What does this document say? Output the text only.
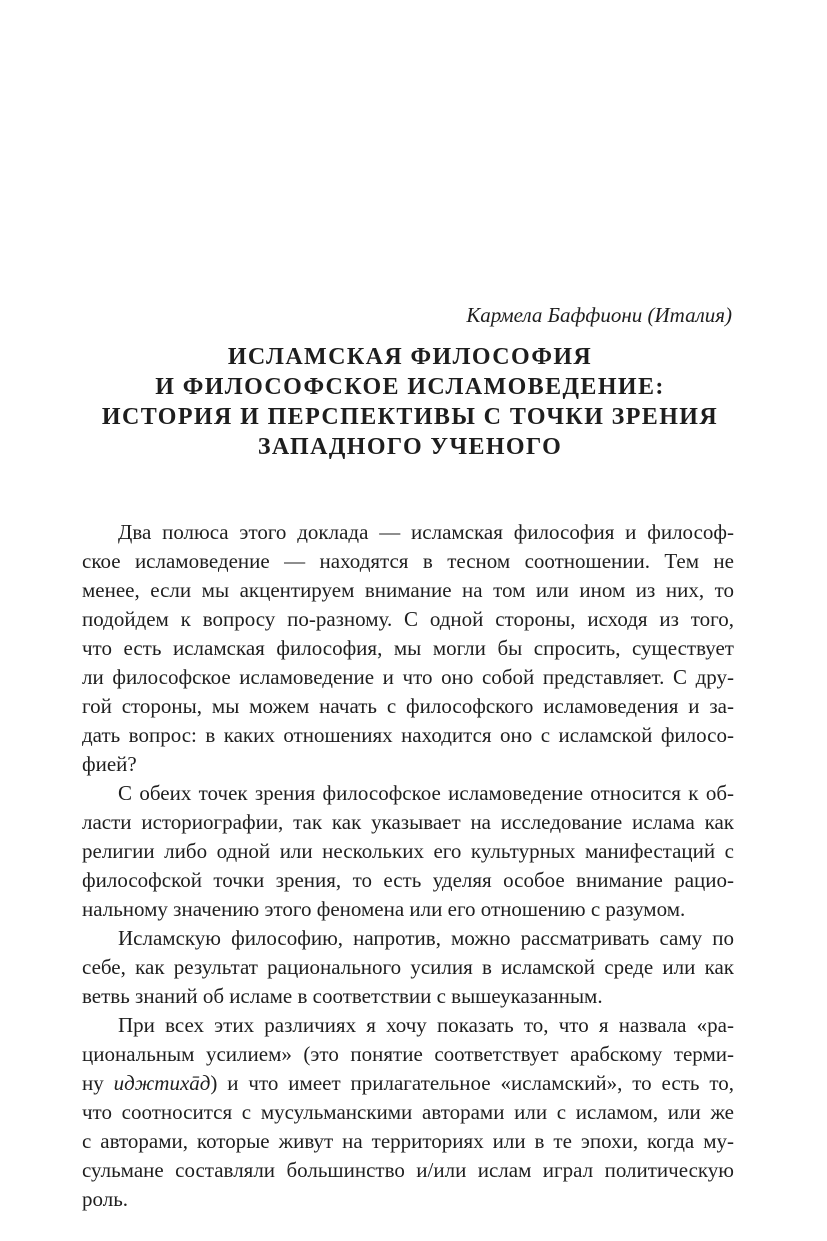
Кармела Баффиони (Италия)

ИСЛАМСКАЯ ФИЛОСОФИЯ
И ФИЛОСОФСКОЕ ИСЛАМОВЕДЕНИЕ:
ИСТОРИЯ И ПЕРСПЕКТИВЫ С ТОЧКИ ЗРЕНИЯ
ЗАПАДНОГО УЧЕНОГО

Два полюса этого доклада — исламская философия и философ-
ское исламоведение — находятся в тесном соотношении. Тем не
менее, если мы акцентируем внимание на том или ином из них, то
подойдем к вопросу по-разному. С одной стороны, исходя из того,
что есть исламская философия, мы могли бы спросить, существует
ли философское исламоведение и что оно собой представляет. С дру-
гой стороны, мы можем начать с философского исламоведения и за-
дать вопрос: в каких отношениях находится оно с исламской филосо-
фией?

С обеих точек зрения философское исламоведение относится к об-
ласти историографии, так как указывает на исследование ислама как
религии либо одной или нескольких его культурных манифестаций с
философской точки зрения, то есть уделяя особое внимание рацио-
нальному значению этого феномена или его отношению с разумом.

Исламскую философию, напротив, можно рассматривать саму по
себе, как результат рационального усилия в исламской среде или как
ветвь знаний об исламе в соответствии с вышеуказанным.

При всех этих различиях я хочу показать то, что я назвала «ра-
циональным усилием» (это понятие соответствует арабскому терми-
ну иджтихāд) и что имеет прилагательное «исламский», то есть то,
что соотносится с мусульманскими авторами или с исламом, или же
с авторами, которые живут на территориях или в те эпохи, когда му-
сульмане составляли большинство и/или ислам играл политическую
роль.
